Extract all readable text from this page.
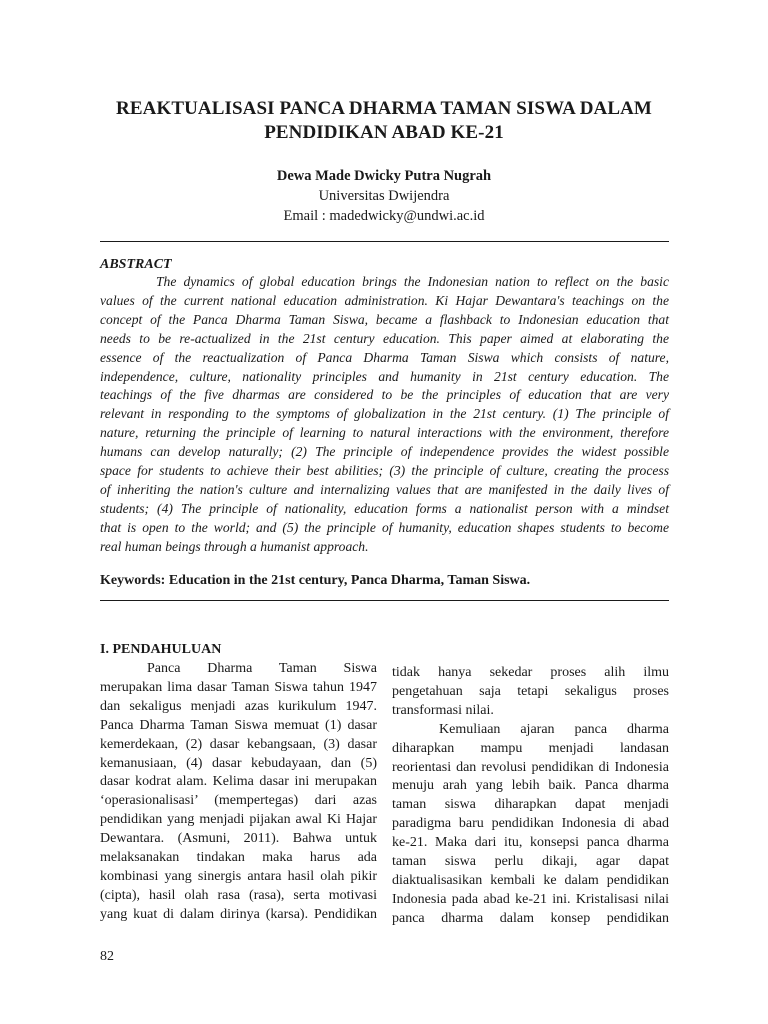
REAKTUALISASI PANCA DHARMA TAMAN SISWA DALAM
PENDIDIKAN ABAD KE-21
Dewa Made Dwicky Putra Nugrah
Universitas Dwijendra
Email : madedwicky@undwi.ac.id
ABSTRACT
The dynamics of global education brings the Indonesian nation to reflect on the basic
values of the current national education administration. Ki Hajar Dewantara's teachings on the
concept of the Panca Dharma Taman Siswa, became a flashback to Indonesian education that
needs to be re-actualized in the 21st century education. This paper aimed at elaborating the
essence of the reactualization of Panca Dharma Taman Siswa which consists of nature,
independence, culture, nationality principles and humanity in 21st century education. The
teachings of the five dharmas are considered to be the principles of education that are very
relevant in responding to the symptoms of globalization in the 21st century. (1) The principle of
nature, returning the principle of learning to natural interactions with the environment, therefore
humans can develop naturally; (2) The principle of independence provides the widest possible
space for students to achieve their best abilities; (3) the principle of culture, creating the process
of inheriting the nation's culture and internalizing values that are manifested in the daily lives of
students; (4) The principle of nationality, education forms a nationalist person with a mindset
that is open to the world; and (5) the principle of humanity, education shapes students to become
real human beings through a humanist approach.
Keywords: Education in the 21st century, Panca Dharma, Taman Siswa.
I. PENDAHULUAN
Panca Dharma Taman Siswa
merupakan lima dasar Taman Siswa tahun 1947
dan sekaligus menjadi azas kurikulum 1947.
Panca Dharma Taman Siswa memuat (1) dasar
kemerdekaan, (2) dasar kebangsaan, (3) dasar
kemanusiaan, (4) dasar kebudayaan, dan (5)
dasar kodrat alam. Kelima dasar ini merupakan
‘operasionalisasi’ (mempertegas) dari azas
pendidikan yang menjadi pijakan awal Ki Hajar
Dewantara. (Asmuni, 2011). Bahwa untuk
melaksanakan tindakan maka harus ada
kombinasi yang sinergis antara hasil olah pikir
(cipta), hasil olah rasa (rasa), serta motivasi
yang kuat di dalam dirinya (karsa). Pendidikan
tidak hanya sekedar proses alih ilmu
pengetahuan saja tetapi sekaligus proses
transformasi nilai.
Kemuliaan ajaran panca dharma
diharapkan mampu menjadi landasan
reorientasi dan revolusi pendidikan di Indonesia
menuju arah yang lebih baik. Panca dharma
taman siswa diharapkan dapat menjadi
paradigma baru pendidikan Indonesia di abad
ke-21. Maka dari itu, konsepsi panca dharma
taman siswa perlu dikaji, agar dapat
diaktualisasikan kembali ke dalam pendidikan
Indonesia pada abad ke-21 ini. Kristalisasi nilai
panca dharma dalam konsep pendidikan
82
